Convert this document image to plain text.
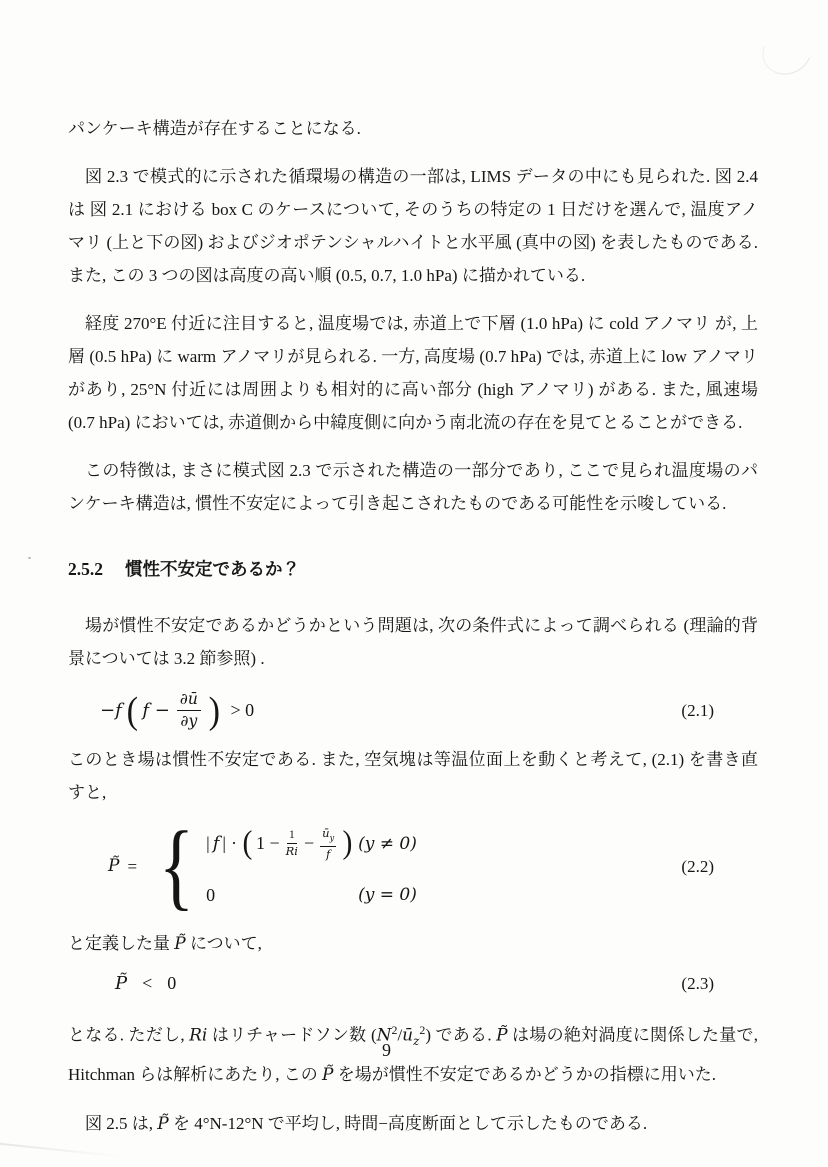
パンケーキ構造が存在することになる.

図 2.3 で模式的に示された循環場の構造の一部は, LIMS データの中にも見られた. 図 2.4 は 図 2.1 における box C のケースについて, そのうちの特定の 1 日だけを選んで, 温度アノマリ (上と下の図) およびジオポテンシャルハイトと水平風 (真中の図) を表したものである. また, この 3 つの図は高度の高い順 (0.5, 0.7, 1.0 hPa) に描かれている.

経度 270°E 付近に注目すると, 温度場では, 赤道上で下層 (1.0 hPa) に cold アノマリ が, 上層 (0.5 hPa) に warm アノマリが見られる. 一方, 高度場 (0.7 hPa) では, 赤道上に low アノマリがあり, 25°N 付近には周囲よりも相対的に高い部分 (high アノマリ) がある. また, 風速場 (0.7 hPa) においては, 赤道側から中緯度側に向かう南北流の存在を見てとることができる.

この特徴は, まさに模式図 2.3 で示された構造の一部分であり, ここで見られ温度場のパンケーキ構造は, 慣性不安定によって引き起こされたものである可能性を示唆している.

2.5.2 慣性不安定であるか？

場が慣性不安定であるかどうかという問題は, 次の条件式によって調べられる (理論的背景については 3.2 節参照) .

−f ( $f - \frac{\partial ū}{\partial y}$ ) > 0	(2.1)

このとき場は慣性不安定である. また, 空気塊は等温位面上を動くと考えて, (2.1) を書き直すと,

P̃ = { | f | · ( $1 - \frac{1}{Ri} - \frac{ū_y}{f}$ ) (y ≠ 0)
0	(y = 0)
(2.2)

と定義した量 P̃ について,

P̃ < 0	(2.3)

となる. ただし, Ri はリチャードソン数 $(N^2/ū_z^2)$ である. P̃ は場の絶対渦度に関係した量で, Hitchman らは解析にあたり, この P̃ を場が慣性不安定であるかどうかの指標に用いた.

図 2.5 は, P̃ を 4°N-12°N で平均し, 時間−高度断面として示したものである.

9
